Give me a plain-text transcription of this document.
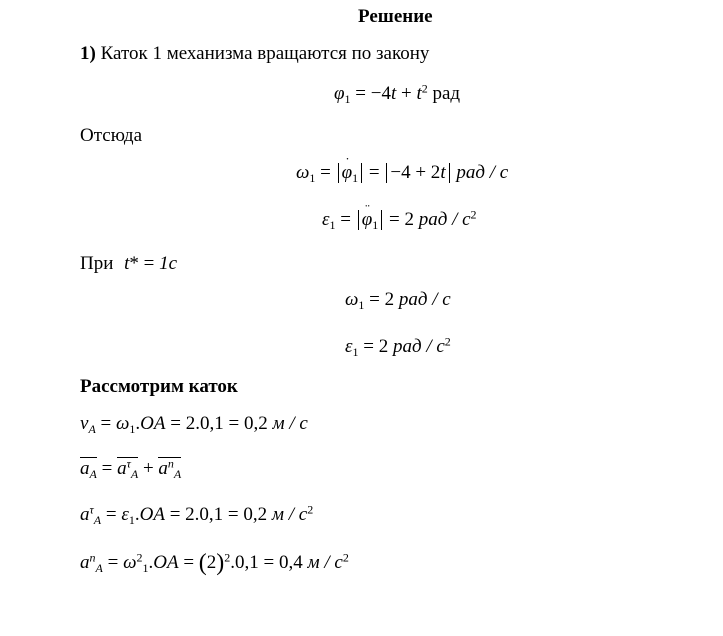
Решение
1) Каток 1 механизма вращаются по закону
$\varphi_1 = -4t + t^2$ рад
Отсюда
$\omega_1$ = ˙ $\varphi_1 = -4 + 2t$ рад / с
$\varepsilon_1$ = ¨ $\varphi_1 = 2$ рад / $с^2$
При t* = 1с
$\omega_1 = 2$ рад / с
$\varepsilon_1 = 2$ рад / $с^2$
Рассмотрим каток
$v_A = \omega_1.OA = 2.0,1 = 0,2$ м / с
$a_A = a^\tau_A + a^n_A$
$a^\tau_A = \varepsilon_1.OA = 2.0,1 = 0,2$ м / $с^2$
$a^n_A = \omega^2_1.OA = (2)^2.0,1 = 0,4$ м / $с^2$
